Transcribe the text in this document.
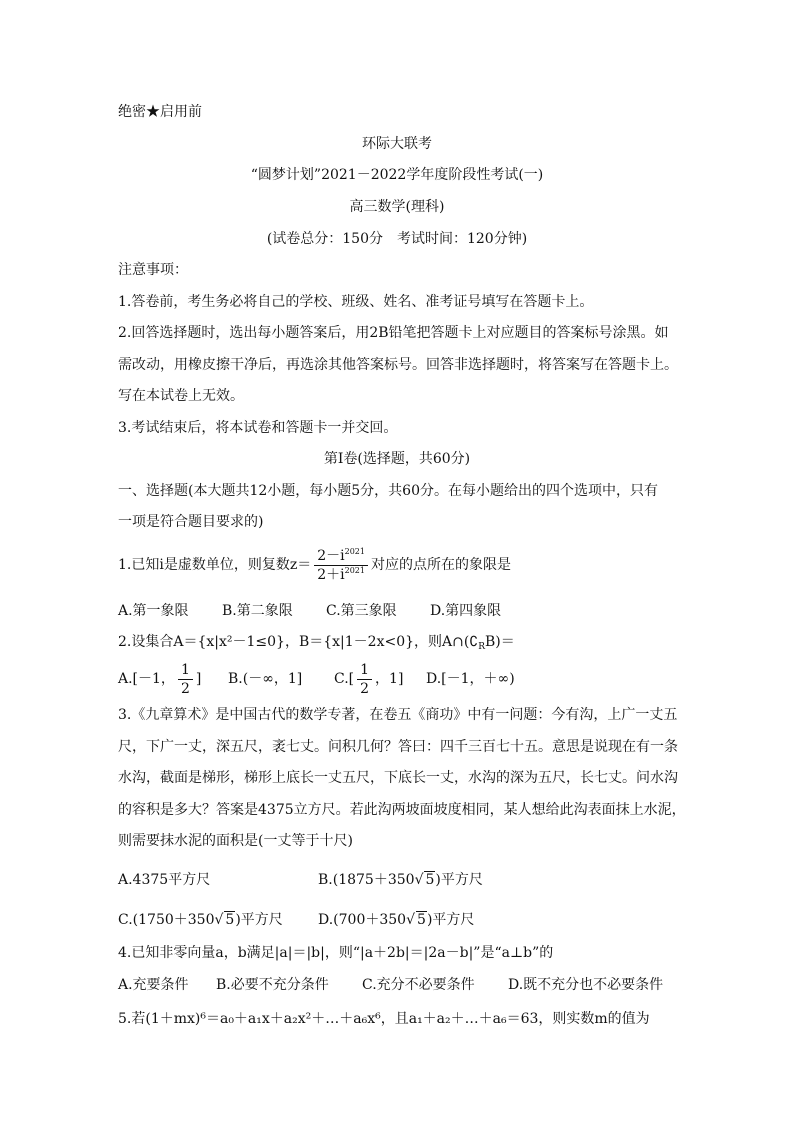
绝密★启用前
环际大联考
“圆梦计划”2021－2022学年度阶段性考试(一)
高三数学(理科)
(试卷总分：150分　考试时间：120分钟)
注意事项：
1.答卷前，考生务必将自己的学校、班级、姓名、准考证号填写在答题卡上。
2.回答选择题时，选出每小题答案后，用2B铅笔把答题卡上对应题目的答案标号涂黑。如
需改动，用橡皮擦干净后，再选涂其他答案标号。回答非选择题时，将答案写在答题卡上。
写在本试卷上无效。
3.考试结束后，将本试卷和答题卡一并交回。
第Ⅰ卷(选择题，共60分)
一、选择题(本大题共12小题，每小题5分，共60分。在每小题给出的四个选项中，只有
一项是符合题目要求的)
1.已知i是虚数单位，则复数$z= \frac{2-i^{2021}}{2+i^{2021}}$ 对应的点所在的象限是
A.第一象限 B.第二象限 C.第三象限 D.第四象限
2.设集合A＝{x|x²－1≤0}，B＝{x|1－2x<0}，则$A\cap(∁_RB)=$
A.[－1， $\frac{1}{2}$ ] B.(－∞，1] $C.[ \frac{1}{2}$ ，1] D.[－1，＋∞)
3.《九章算术》是中国古代的数学专著，在卷五《商功》中有一问题：今有沟，上广一丈五
尺，下广一丈，深五尺，袤七丈。问积几何？答曰：四千三百七十五。意思是说现在有一条
水沟，截面是梯形，梯形上底长一丈五尺，下底长一丈，水沟的深为五尺，长七丈。问水沟
的容积是多大？答案是4375立方尺。若此沟两坡面坡度相同，某人想给此沟表面抹上水泥，
则需要抹水泥的面积是(一丈等于十尺)
A.4375平方尺	B.(1875＋350√ 5)平方尺
C.(1750＋350√ 5)平方尺	D.(700＋350√ 5)平方尺
4.已知非零向量a，b满足|a|＝|b|，则“|a＋2b|＝|2a－b|”是“a⊥b”的
A.充要条件 B.必要不充分条件 C.充分不必要条件 D.既不充分也不必要条件
5.若(1＋mx)⁶＝a₀＋a₁x＋a₂x²＋…＋a₆x⁶，且a₁＋a₂＋…＋a₆＝63，则实数m的值为
